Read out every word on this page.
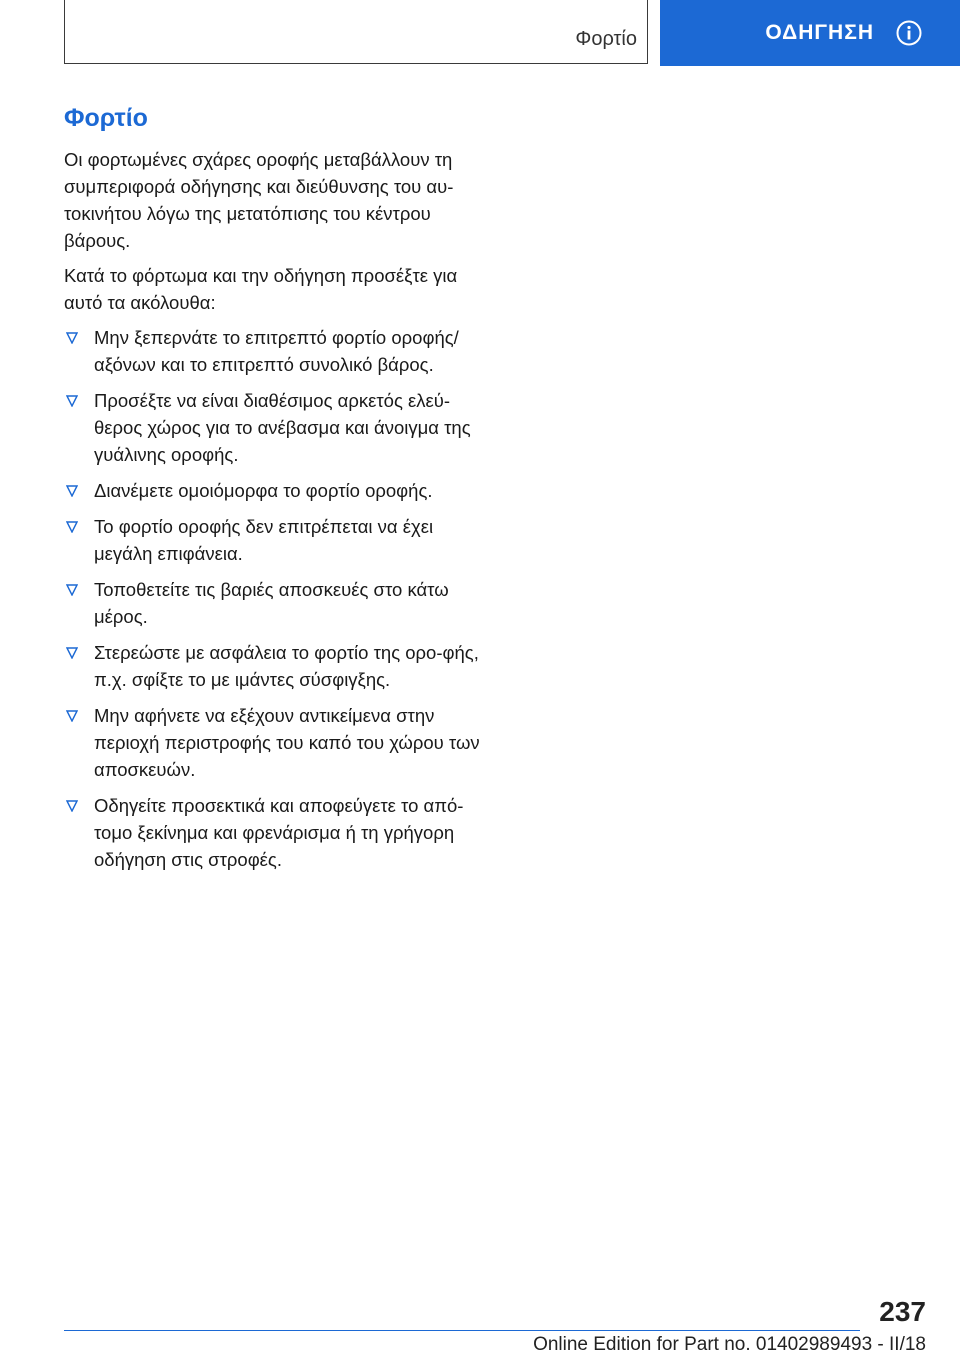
Φορτίο	ΟΔΗΓΗΣΗ
Φορτίο

Οι φορτωμένες σχάρες οροφής μεταβάλλουν τη συμπεριφορά οδήγησης και διεύθυνσης του αυ-τοκινήτου λόγω της μετατόπισης του κέντρου βάρους.

Κατά το φόρτωμα και την οδήγηση προσέξτε για αυτό τα ακόλουθα:

Μην ξεπερνάτε το επιτρεπτό φορτίο οροφής/ αξόνων και το επιτρεπτό συνολικό βάρος.
Προσέξτε να είναι διαθέσιμος αρκετός ελεύ-θερος χώρος για το ανέβασμα και άνοιγμα της γυάλινης οροφής.
Διανέμετε ομοιόμορφα το φορτίο οροφής.
Το φορτίο οροφής δεν επιτρέπεται να έχει μεγάλη επιφάνεια.
Τοποθετείτε τις βαριές αποσκευές στο κάτω μέρος.
Στερεώστε με ασφάλεια το φορτίο της ορο-φής, π.χ. σφίξτε το με ιμάντες σύσφιγξης.
Μην αφήνετε να εξέχουν αντικείμενα στην περιοχή περιστροφής του καπό του χώρου των αποσκευών.
Οδηγείτε προσεκτικά και αποφεύγετε το από-τομο ξεκίνημα και φρενάρισμα ή τη γρήγορη οδήγηση στις στροφές.
237
Online Edition for Part no. 01402989493 - II/18
